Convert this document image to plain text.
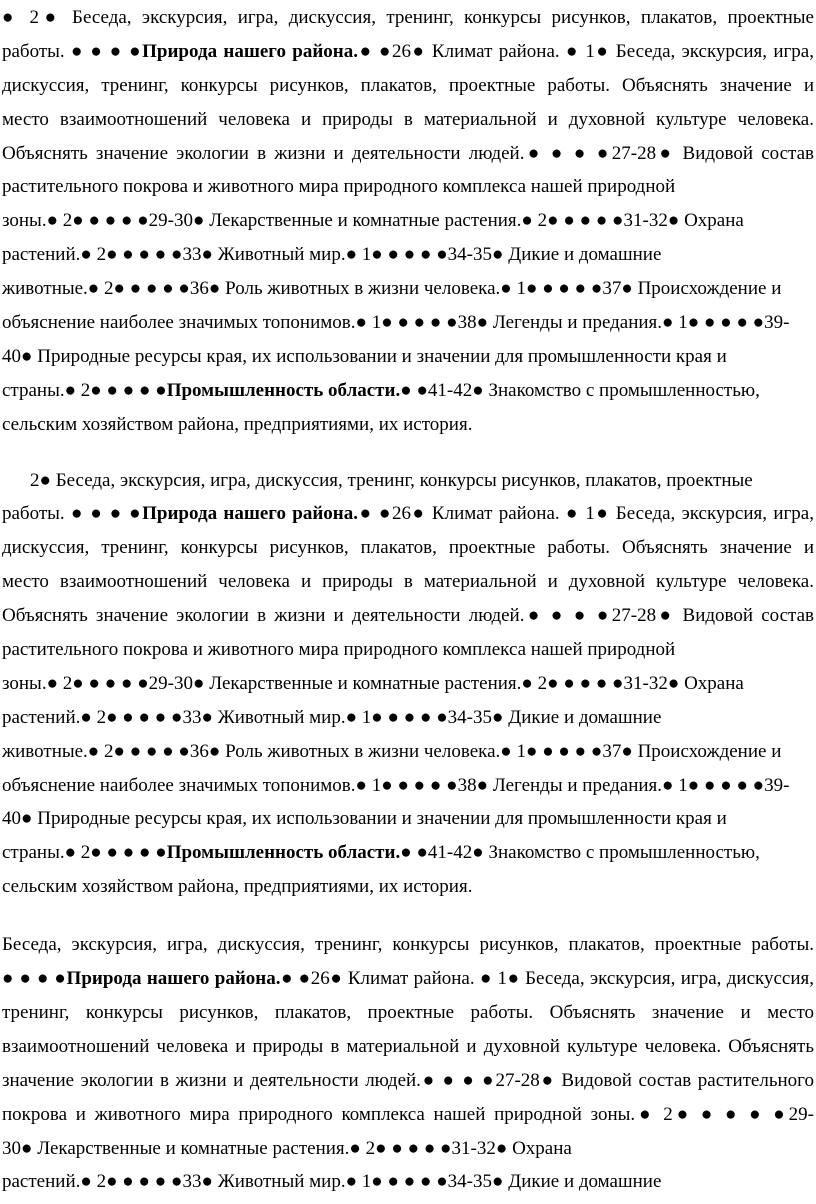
● 2● Беседа, экскурсия, игра, дискуссия, тренинг, конкурсы рисунков, плакатов, проектные
работы. ● ● ● ●Природа нашего района.● ●26● Климат района. ● 1● Беседа, экскурсия, игра,
дискуссия, тренинг, конкурсы рисунков, плакатов, проектные работы. Объяснять значение и
место взаимоотношений человека и природы в материальной и духовной культуре человека.
Объяснять значение экологии в жизни и деятельности людей.● ● ● ●27-28● Видовой состав
растительного покрова и животного мира природного комплекса нашей природной
зоны.● 2● ● ● ● ●29-30● Лекарственные и комнатные растения.● 2● ● ● ● ●31-32● Охрана
растений.● 2● ● ● ● ●33● Животный мир.● 1● ● ● ● ●34-35● Дикие и домашние
животные.● 2● ● ● ● ●36● Роль животных в жизни человека.● 1● ● ● ● ●37● Происхождение и
объяснение наиболее значимых топонимов.● 1● ● ● ● ●38● Легенды и предания.● 1● ● ● ● ●39-
40● Природные ресурсы края, их использовании и значении для промышленности края и
страны.● 2● ● ● ● ●Промышленность области.● ●41-42● Знакомство с промышленностью,
сельским хозяйством района, предприятиями, их история.
2● Беседа, экскурсия, игра, дискуссия, тренинг, конкурсы рисунков, плакатов, проектные
работы. ● ● ● ●Природа нашего района.● ●26● Климат района. ● 1● Беседа, экскурсия, игра,
дискуссия, тренинг, конкурсы рисунков, плакатов, проектные работы. Объяснять значение и
место взаимоотношений человека и природы в материальной и духовной культуре человека.
Объяснять значение экологии в жизни и деятельности людей.● ● ● ●27-28● Видовой состав
растительного покрова и животного мира природного комплекса нашей природной
зоны.● 2● ● ● ● ●29-30● Лекарственные и комнатные растения.● 2● ● ● ● ●31-32● Охрана
растений.● 2● ● ● ● ●33● Животный мир.● 1● ● ● ● ●34-35● Дикие и домашние
животные.● 2● ● ● ● ●36● Роль животных в жизни человека.● 1● ● ● ● ●37● Происхождение и
объяснение наиболее значимых топонимов.● 1● ● ● ● ●38● Легенды и предания.● 1● ● ● ● ●39-
40● Природные ресурсы края, их использовании и значении для промышленности края и
страны.● 2● ● ● ● ●Промышленность области.● ●41-42● Знакомство с промышленностью,
сельским хозяйством района, предприятиями, их история.
Беседа, экскурсия, игра, дискуссия, тренинг, конкурсы рисунков, плакатов, проектные работы.
● ● ● ●Природа нашего района.● ●26● Климат района. ● 1● Беседа, экскурсия, игра, дискуссия,
тренинг, конкурсы рисунков, плакатов, проектные работы. Объяснять значение и место
взаимоотношений человека и природы в материальной и духовной культуре человека. Объяснять
значение экологии в жизни и деятельности людей.● ● ● ●27-28● Видовой состав растительного
покрова и животного мира природного комплекса нашей природной зоны.● 2● ● ● ● ●29-
30● Лекарственные и комнатные растения.● 2● ● ● ● ●31-32● Охрана
растений.● 2● ● ● ● ●33● Животный мир.● 1● ● ● ● ●34-35● Дикие и домашние
